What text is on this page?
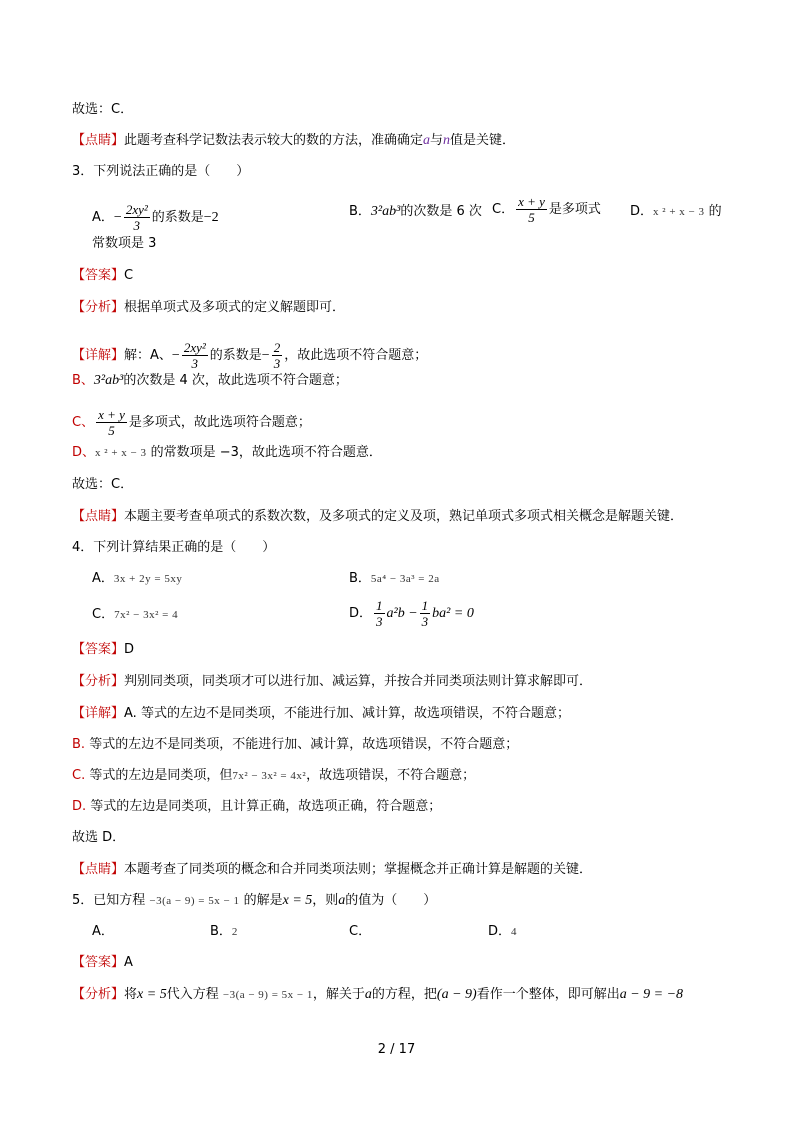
故选：C．
【点睛】此题考查科学记数法表示较大的数的方法，准确确定a与n值是关键．
3．下列说法正确的是（　　）
A．− $\frac{\text{2xy²}}{3}$ 的系数是−2	B．3²ab³的次数是 6 次 C． $\frac{x + y}{5}$ 是多项式 D．x ² + x − 3 的
常数项是 3
【答案】C
【分析】根据单项式及多项式的定义解题即可．
【详解】解：A、− $\frac{\text{2xy²}}{3}$ 的系数是− $\frac{2}{3}$ ，故此选项不符合题意；
B、3²ab³的次数是 4 次，故此选项不符合题意；
C、 $\frac{x + y}{5}$ 是多项式，故此选项符合题意；
D、x ² + x − 3 的常数项是 −3，故此选项不符合题意．
故选：C．
【点睛】本题主要考查单项式的系数次数，及多项式的定义及项，熟记单项式多项式相关概念是解题关键．
4．下列计算结果正确的是（　　）
A．3x + 2y = 5xy	B．5a⁴ − 3a³ = 2a
C．7x² − 3x² = 4	D． $\frac{1}{3} a^2b - \frac{1}{3} ba^2 = 0$
【答案】D
【分析】判别同类项，同类项才可以进行加、减运算，并按合并同类项法则计算求解即可．
【详解】A. 等式的左边不是同类项，不能进行加、减计算，故选项错误，不符合题意；
B. 等式的左边不是同类项，不能进行加、减计算，故选项错误，不符合题意；
C. 等式的左边是同类项，但7x² − 3x² = 4x²，故选项错误，不符合题意；
D. 等式的左边是同类项，且计算正确，故选项正确，符合题意；
故选 D．
【点睛】本题考查了同类项的概念和合并同类项法则；掌握概念并正确计算是解题的关键．
5．已知方程 −3(a − 9) = 5x − 1 的解是x = 5，则a的值为（　　）
A．	B．2	C．	D．4
【答案】A
【分析】将x = 5代入方程 −3(a − 9) = 5x − 1，解关于a的方程，把(a − 9)看作一个整体，即可解出a − 9 = −8
2 / 17
